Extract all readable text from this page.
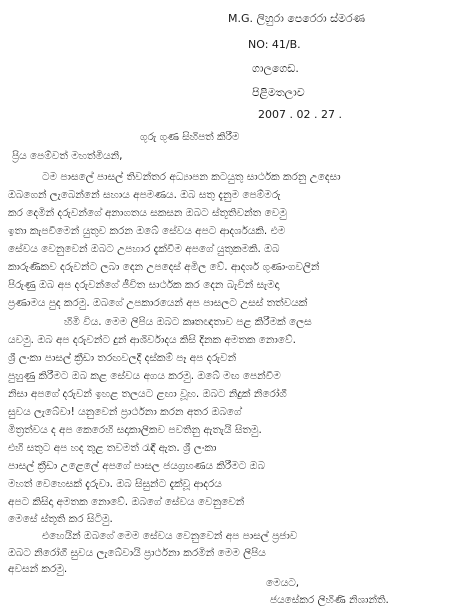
M.G. ලිහුරා පෙරෙරා ස්මරණ
NO: 41/B.
ගාලගෙඩ.
පිළිමතලාව
2007 . 02 . 27 .
ගුරු ගුණ සිහිපත් කිරීම
ප්‍රිය පෙම්වත් මහත්මියනි,
ටම පාසලේ පාසල් තිවන්තර අධ්‍යාපන කටයුතු සාර්ථක කරනු උදෙසා
ඔබගෙන් ලැබෙන්නේ සහාය අපමණය. ඔබ සතු දැනුම පෙම්මරු
කර දෙමින් දරුවන්ගේ අනාගතය සකසන ඔබට ස්තූතිවන්ත වෙමු
ඉතා කැපවීමෙන් යුතුව කරන ඔබේ සේවය අපට ආදර්ශයකි. එම
සේවය වෙනුවෙන් ඔබට උපහාර දැක්වීම අපගේ යුතුකමකි. ඔබ
කාරුණිකව දරුවන්ට ලබා දෙන උපදෙස් අමිල වේ. ආදර්ශ ගුණාංගවලින්
පිරුණු ඔබ අප දරුවන්ගේ ජීවිත සාර්ථක කර දෙන බැවින් සැමදා
ප්‍රණාමය පුද කරමු. ඔබගේ උපකාරයෙන් අප පාසලට උසස් තත්වයක්
හිමි විය. මෙම ලිපිය ඔබට කෘතඥතාව පළ කිරීමක් ලෙස
යවමු. ඔබ අප දරුවන්ට දුන් ආශිර්වාදය කිසි දිනක අමතක නොවේ.
ශ්‍රී ලංකා පාසල් ක්‍රීඩා තරඟවලදී දස්කම් පෑ අප දරුවන්
පුහුණු කිරීමට ඔබ කළ සේවය අගය කරමු. ඔබේ මඟ පෙන්වීම
නිසා අපගේ දරුවන් ඉහළ තලයට ළඟා වූහ. ඔබට නිදුක් නිරෝගී
සුවය ලැබේවා! යනුවෙන් ප්‍රාර්ථනා කරන අතර ඔබගේ
මිත්‍රත්වය ද අප කෙරෙහි සදාකාලිකව පවතිනු ඇතැයි සිතමු.
එහි සතුට අප හද තුළ තවමත් රැඳී ඇත. ශ්‍රී ලංකා
පාසල් ක්‍රීඩා උළෙලේ අපගේ පාසල ජයග්‍රහණය කිරීමට ඔබ
මහත් වෙහෙසක් දැරුවා. ඔබ සිසුන්ට දැක්වූ ආදරය
අපට කිසිදා අමතක නොවේ. ඔබගේ සේවය වෙනුවෙන්
මෙසේ ස්තූති කර සිටිමු.
එහෙයින් ඔබගේ මෙම සේවය වෙනුවෙන් අප පාසල් ප්‍රජාව
ඔබට නිරෝගී සුවය ලැබේවායි ප්‍රාර්ථනා කරමින් මෙම ලිපිය
අවසන් කරමු.
මෙයට,
ජයසේකර ලිහිණි නිශාන්ති.
